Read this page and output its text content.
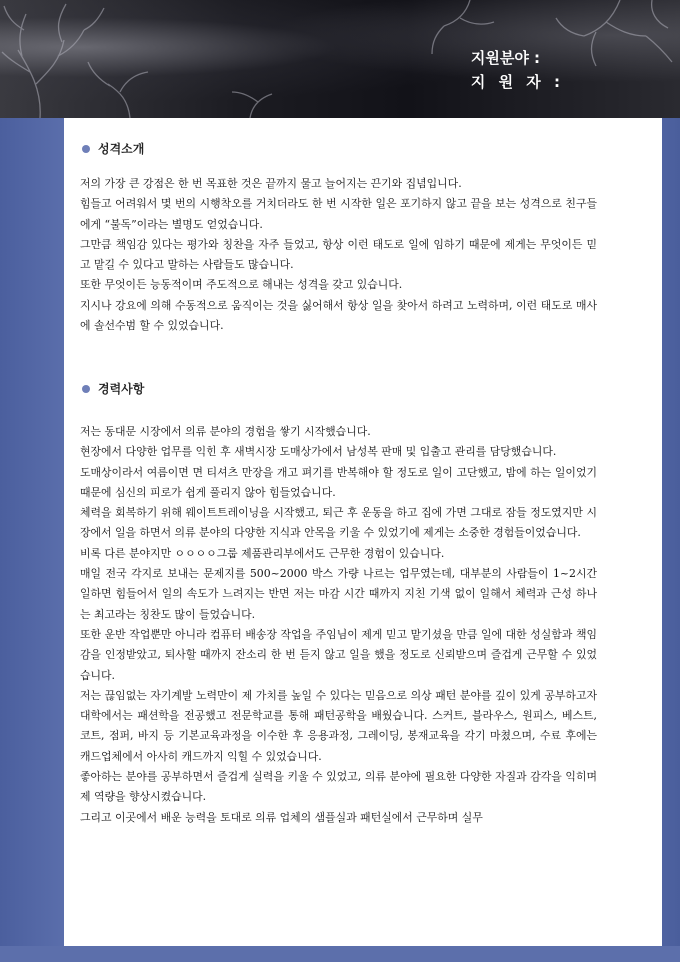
지원분야 :
지 원 자 :
성격소개

저의 가장 큰 강점은 한 번 목표한 것은 끝까지 물고 늘어지는 끈기와 집념입니다.

힘들고 어려워서 몇 번의 시행착오를 거치더라도 한 번 시작한 일은 포기하지 않고 끝을 보는 성격으로 친구들에게 “불독”이라는 별명도 얻었습니다.

그만큼 책임감 있다는 평가와 칭찬을 자주 들었고, 항상 이런 태도로 일에 임하기 때문에 제게는 무엇이든 믿고 맡길 수 있다고 말하는 사람들도 많습니다.

또한 무엇이든 능동적이며 주도적으로 해내는 성격을 갖고 있습니다.

지시나 강요에 의해 수동적으로 움직이는 것을 싫어해서 항상 일을 찾아서 하려고 노력하며, 이런 태도로 매사에 솔선수범 할 수 있었습니다.

경력사항

저는 동대문 시장에서 의류 분야의 경험을 쌓기 시작했습니다.

현장에서 다양한 업무를 익힌 후 새벽시장 도매상가에서 남성복 판매 및 입출고 관리를 담당했습니다.

도매상이라서 여름이면 면 티셔츠 만장을 개고 펴기를 반복해야 할 정도로 일이 고단했고, 밤에 하는 일이었기 때문에 심신의 피로가 쉽게 풀리지 않아 힘들었습니다.

체력을 회복하기 위해 웨이트트레이닝을 시작했고, 퇴근 후 운동을 하고 집에 가면 그대로 잠들 정도였지만 시장에서 일을 하면서 의류 분야의 다양한 지식과 안목을 키울 수 있었기에 제게는 소중한 경험들이었습니다.

비록 다른 분야지만 ㅇㅇㅇㅇ그룹 제품관리부에서도 근무한 경험이 있습니다.

매일 전국 각지로 보내는 문제지를 500~2000 박스 가량 나르는 업무였는데, 대부분의 사람들이 1~2시간 일하면 힘들어서 일의 속도가 느려지는 반면 저는 마감 시간 때까지 지친 기색 없이 일해서 체력과 근성 하나는 최고라는 칭찬도 많이 들었습니다.

또한 운반 작업뿐만 아니라 컴퓨터 배송장 작업을 주임님이 제게 믿고 맡기셨을 만큼 일에 대한 성실함과 책임감을 인정받았고, 퇴사할 때까지 잔소리 한 번 듣지 않고 일을 했을 정도로 신뢰받으며 즐겁게 근무할 수 있었습니다.

저는 끊임없는 자기계발 노력만이 제 가치를 높일 수 있다는 믿음으로 의상 패턴 분야를 깊이 있게 공부하고자 대학에서는 패션학을 전공했고 전문학교를 통해 패턴공학을 배웠습니다. 스커트, 블라우스, 원피스, 베스트, 코트, 점퍼, 바지 등 기본교육과정을 이수한 후 응용과정, 그레이딩, 봉재교육을 각기 마쳤으며, 수료 후에는 캐드업체에서 아사히 캐드까지 익힐 수 있었습니다.

좋아하는 분야를 공부하면서 즐겁게 실력을 키울 수 있었고, 의류 분야에 필요한 다양한 자질과 감각을 익히며 제 역량을 향상시켰습니다.

그리고 이곳에서 배운 능력을 토대로 의류 업체의 샘플실과 패턴실에서 근무하며 실무
